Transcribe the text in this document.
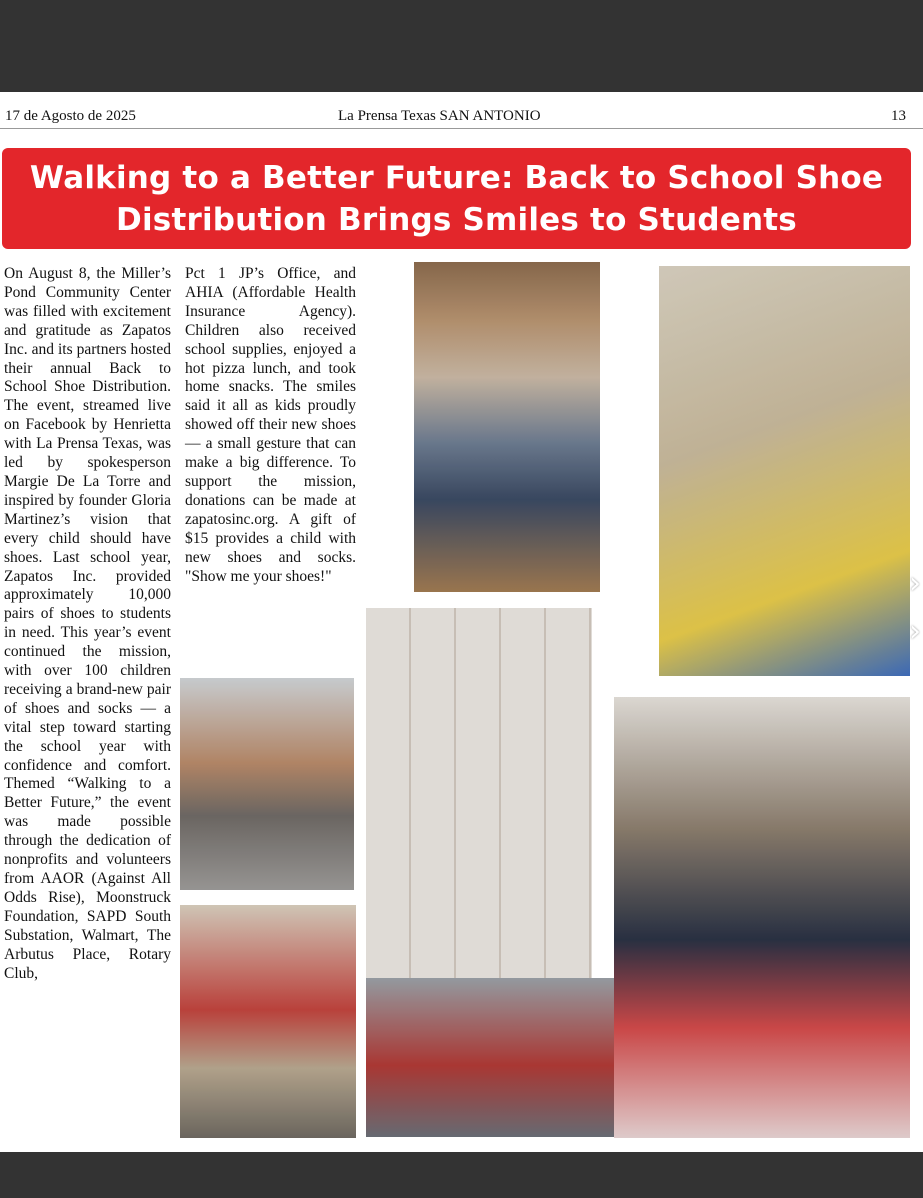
17 de Agosto de 2025	La Prensa Texas SAN ANTONIO	13
Walking to a Better Future: Back to School Shoe Distribution Brings Smiles to Students
On August 8, the Miller’s Pond Community Center was filled with excitement and gratitude as Zapatos Inc. and its partners hosted their annual Back to School Shoe Distribution. The event, streamed live on Facebook by Henrietta with La Prensa Texas, was led by spokesperson Margie De La Torre and inspired by founder Gloria Martinez’s vision that every child should have shoes. Last school year, Zapatos Inc. provided approximately 10,000 pairs of shoes to students in need. This year’s event continued the mission, with over 100 children receiving a brand-new pair of shoes and socks — a vital step toward starting the school year with confidence and comfort. Themed “Walking to a Better Future,” the event was made possible through the dedication of nonprofits and volunteers from AAOR (Against All Odds Rise), Moonstruck Foundation, SAPD South Substation, Walmart, The Arbutus Place, Rotary Club,
Pct 1 JP’s Office, and AHIA (Affordable Health Insurance Agency). Children also received school supplies, enjoyed a hot pizza lunch, and took home snacks. The smiles said it all as kids proudly showed off their new shoes — a small gesture that can make a big difference. To support the mission, donations can be made at zapatosinc.org. A gift of $15 provides a child with new shoes and socks. "Show me your shoes!"	›
›
